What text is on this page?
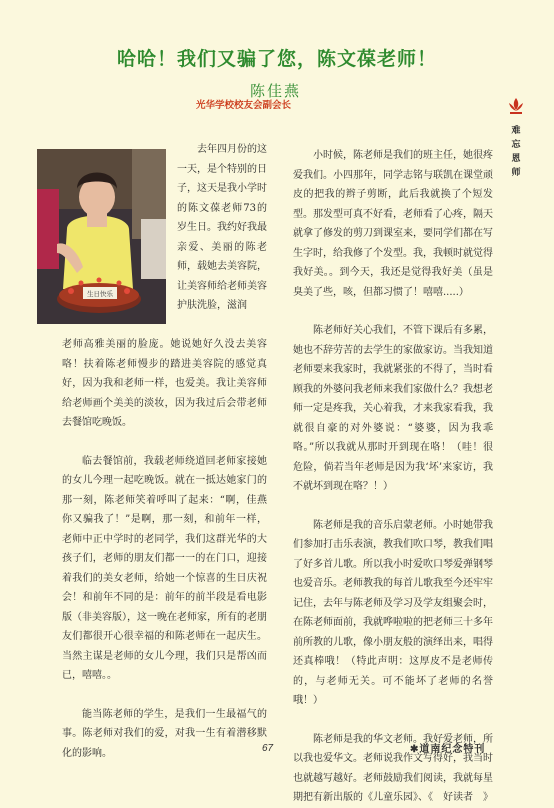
哈哈！我们又骗了您，陈文葆老师！
陈佳燕
光华学校校友会副会长
难忘恩师
生日快乐

去年四月份的这一天，是个特别的日子，这天是我小学时的陈文葆老师73的岁生日。我约好我最亲爱、美丽的陈老师，载她去美容院，让美容师给老师美容护肤洗脸，滋润

老师高雅美丽的脸庞。她说她好久没去美容咯！扶着陈老师慢步的踏进美容院的感觉真好，因为我和老师一样，也爱美。我让美容师给老师画个美美的淡妆，因为我过后会带老师去餐馆吃晚饭。

临去餐馆前，我载老师绕道回老师家接她的女儿今理一起吃晚饭。就在一抵达她家门的那一刻，陈老师笑着呼叫了起来：“啊，佳燕你又骗我了！”是啊，那一刻，和前年一样，老师中正中学时的老同学，我们这群光华的大孩子们，老师的朋友们都一一的在门口，迎接着我们的美女老师，给她一个惊喜的生日庆祝会！和前年不同的是：前年的前半段是看电影版（非美容版），这一晚在老师家，所有的老朋友们都很开心很幸福的和陈老师在一起庆生。当然主谋是老师的女儿今理，我们只是帮凶而已，嘻嘻。。

能当陈老师的学生，是我们一生最福气的事。陈老师对我们的爱，对我一生有着潜移默化的影响。

小时候，陈老师是我们的班主任，她很疼爱我们。小四那年，同学志铭与联凯在课堂顽皮的把我的辫子剪断，此后我就换了个短发型。那发型可真不好看，老师看了心疼，隔天就拿了修发的剪刀到课室来，要同学们都在写生字时，给我修了个发型。我，我顿时就觉得我好美。。到今天，我还是觉得我好美（虽是臭美了些，咳，但都习惯了！嘻嘻.....）

陈老师好关心我们，不管下课后有多累，她也不辞劳苦的去学生的家做家访。当我知道老师要来我家时，我就紧张的不得了，当时看顾我的外婆问我老师来我们家做什么？我想老师一定是疼我，关心着我，才来我家看我，我就很自豪的对外婆说：“婆婆，因为我乖咯。”所以我就从那时开到现在咯！（哇！很危险，倘若当年老师是因为我‘坏’来家访，我不就坏到现在咯？！）

陈老师是我的音乐启蒙老师。小时她带我们参加打击乐表演，教我们吹口琴，教我们唱了好多首儿歌。所以我小时爱吹口琴爱弹钢琴也爱音乐。老师教我的每首儿歌我至今还牢牢记住，去年与陈老师及学习及学友组聚会时，在陈老师面前，我就哗啦啦的把老师三十多年前所教的儿歌，像小朋友般的演绎出来，唱得还真棒哦！（特此声明：这厚皮不是老师传的，与老师无关。可不能坏了老师的名誉哦！）

陈老师是我的华文老师。我好爱老师，所以我也爱华文。老师说我作文写得好，我当时也就越写越好。老师鼓励我们阅读，我就每星期把有新出版的《儿童乐园》、《　好读者　》

67	✱道南纪念特刊
